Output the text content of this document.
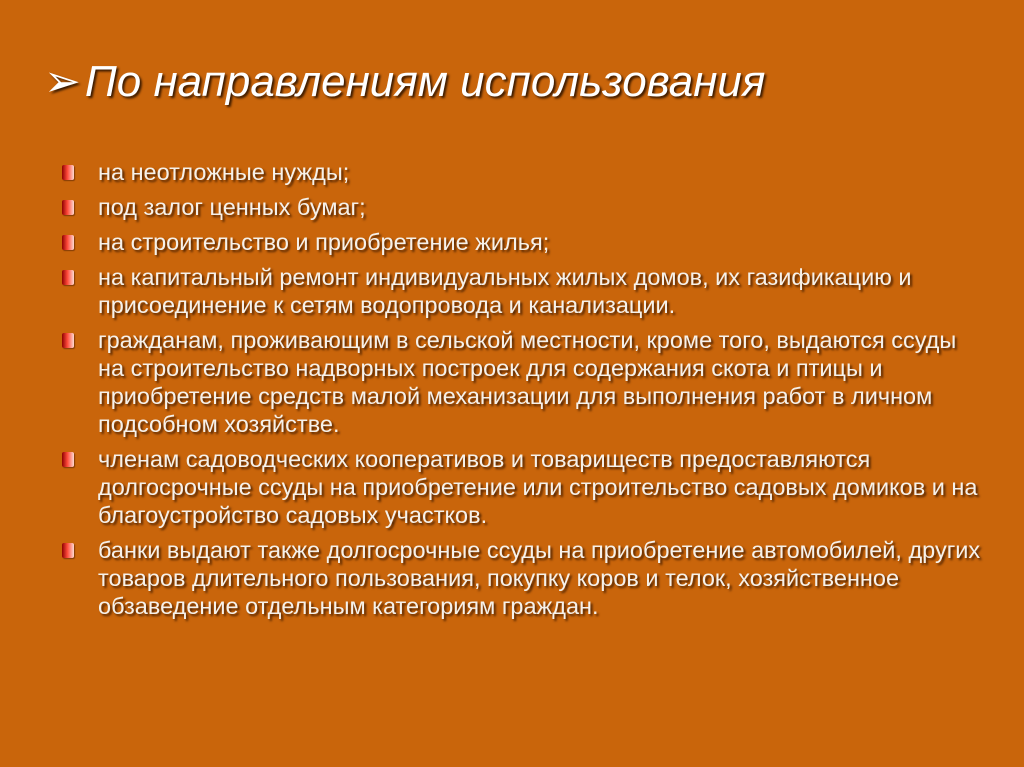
➢ По направлениям использования
на неотложные нужды;
под залог ценных бумаг;
на строительство и приобретение жилья;
на капитальный ремонт индивидуальных жилых домов, их газификацию и присоединение к сетям водопровода и канализации.
гражданам, проживающим в сельской местности, кроме того, выдаются ссуды на строительство надворных построек для содержания скота и птицы и приобретение средств малой механизации для выполнения работ в личном подсобном хозяйстве.
членам садоводческих кооперативов и товариществ предоставляются долгосрочные ссуды на приобретение или строительство садовых домиков и на благоустройство садовых участков.
банки выдают также долгосрочные ссуды на приобретение автомобилей, других товаров длительного пользования, покупку коров и телок, хозяйственное обзаведение отдельным категориям граждан.
